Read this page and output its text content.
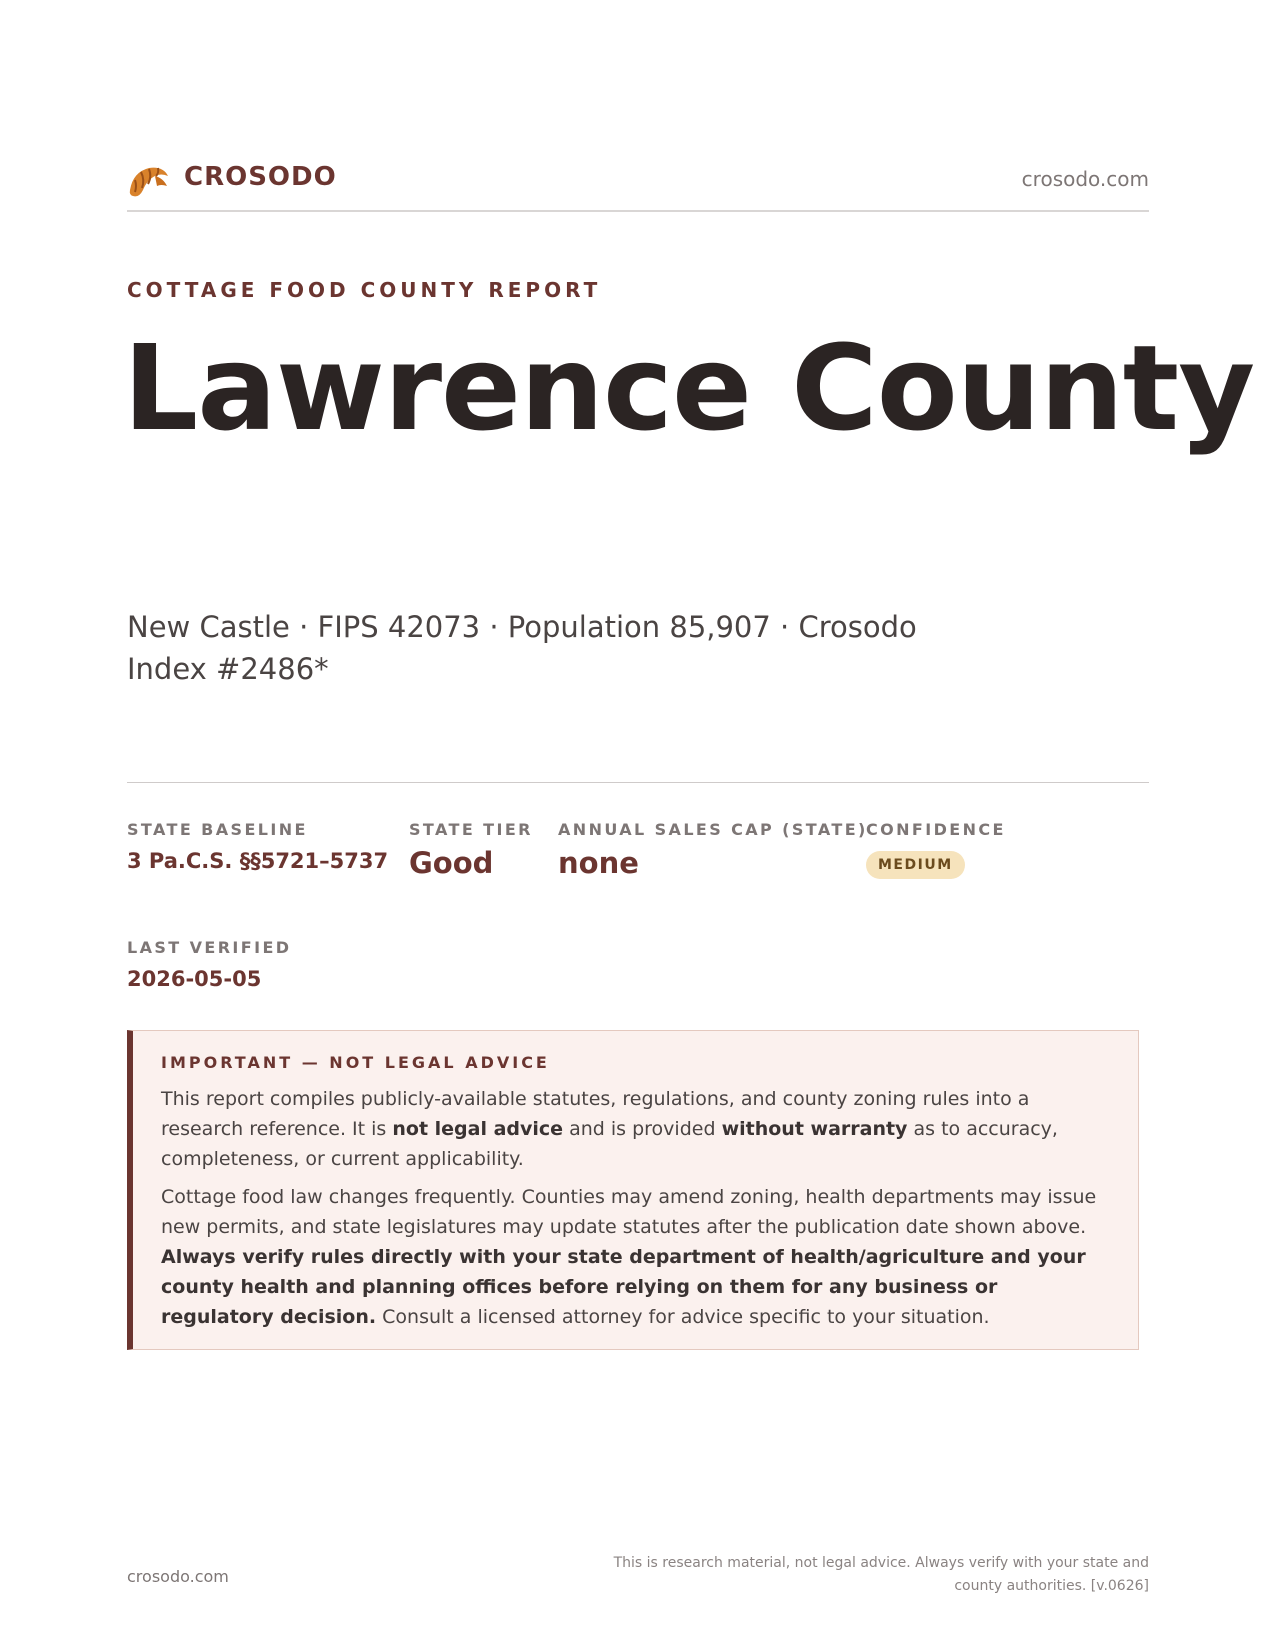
CROSODO	crosodo.com
COTTAGE FOOD COUNTY REPORT
Lawrence County
New Castle · FIPS 42073 · Population 85,907 · Crosodo Index #2486*
STATE BASELINE
3 Pa.C.S. §§5721–5737
STATE TIER
Good
ANNUAL SALES CAP (STATE)
none
CONFIDENCE
MEDIUM
LAST VERIFIED
2026-05-05
IMPORTANT — NOT LEGAL ADVICE

This report compiles publicly-available statutes, regulations, and county zoning rules into a research reference. It is not legal advice and is provided without warranty as to accuracy, completeness, or current applicability.

Cottage food law changes frequently. Counties may amend zoning, health departments may issue new permits, and state legislatures may update statutes after the publication date shown above. Always verify rules directly with your state department of health/agriculture and your county health and planning offices before relying on them for any business or regulatory decision. Consult a licensed attorney for advice specific to your situation.

crosodo.com
This is research material, not legal advice. Always verify with your state and county authorities. [v.0626]
